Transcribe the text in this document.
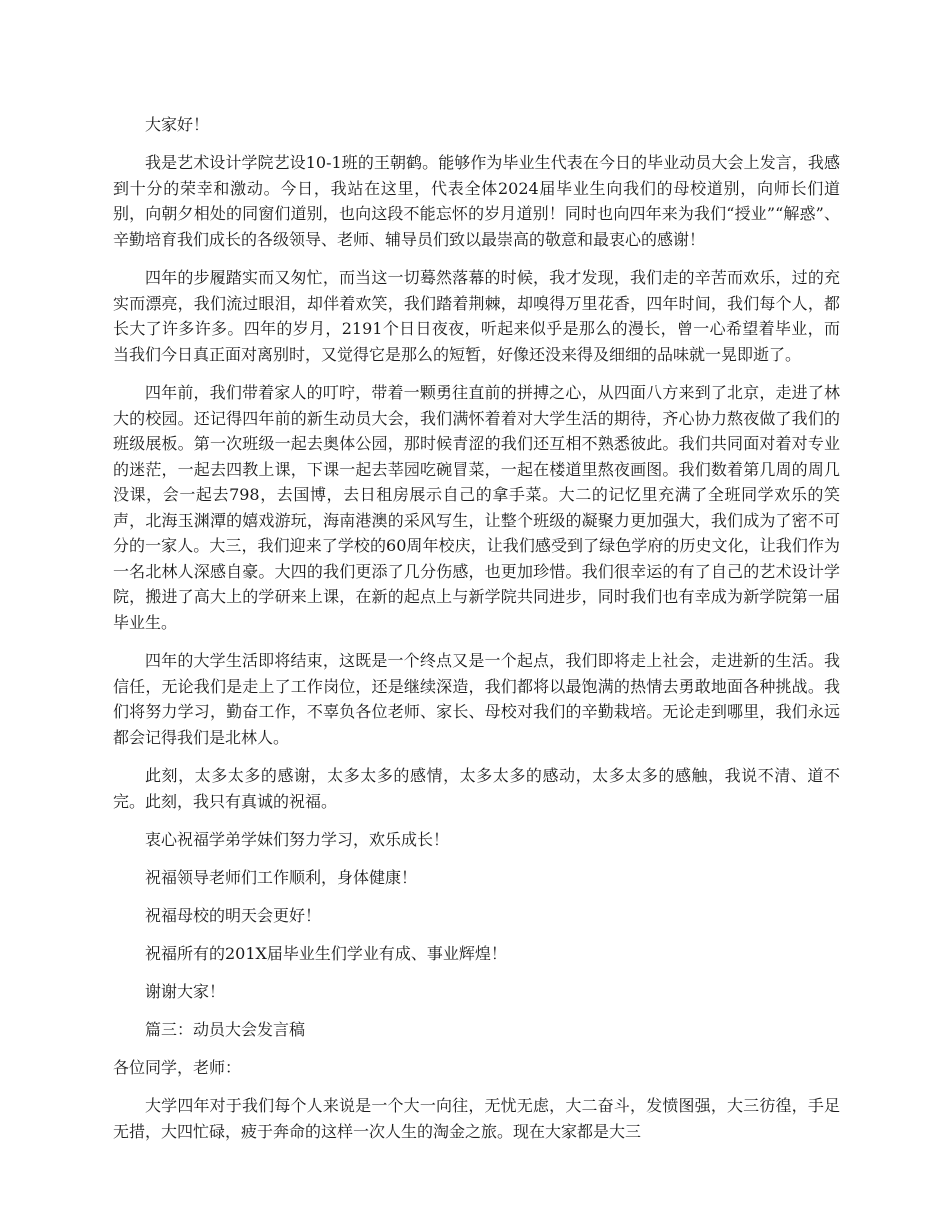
大家好！

我是艺术设计学院艺设10-1班的王朝鹤。能够作为毕业生代表在今日的毕业动员大会上发言，我感到十分的荣幸和激动。今日，我站在这里，代表全体2024届毕业生向我们的母校道别，向师长们道别，向朝夕相处的同窗们道别，也向这段不能忘怀的岁月道别！同时也向四年来为我们“授业”“解惑”、辛勤培育我们成长的各级领导、老师、辅导员们致以最崇高的敬意和最衷心的感谢！

四年的步履踏实而又匆忙，而当这一切蓦然落幕的时候，我才发现，我们走的辛苦而欢乐，过的充实而漂亮，我们流过眼泪，却伴着欢笑，我们踏着荆棘，却嗅得万里花香，四年时间，我们每个人，都长大了许多许多。四年的岁月，2191个日日夜夜，听起来似乎是那么的漫长，曾一心希望着毕业，而当我们今日真正面对离别时，又觉得它是那么的短暂，好像还没来得及细细的品味就一晃即逝了。

四年前，我们带着家人的叮咛，带着一颗勇往直前的拼搏之心，从四面八方来到了北京，走进了林大的校园。还记得四年前的新生动员大会，我们满怀着着对大学生活的期待，齐心协力熬夜做了我们的班级展板。第一次班级一起去奥体公园，那时候青涩的我们还互相不熟悉彼此。我们共同面对着对专业的迷茫，一起去四教上课，下课一起去莘园吃碗冒菜，一起在楼道里熬夜画图。我们数着第几周的周几没课，会一起去798，去国博，去日租房展示自己的拿手菜。大二的记忆里充满了全班同学欢乐的笑声，北海玉渊潭的嬉戏游玩，海南港澳的采风写生，让整个班级的凝聚力更加强大，我们成为了密不可分的一家人。大三，我们迎来了学校的60周年校庆，让我们感受到了绿色学府的历史文化，让我们作为一名北林人深感自豪。大四的我们更添了几分伤感，也更加珍惜。我们很幸运的有了自己的艺术设计学院，搬进了高大上的学研来上课，在新的起点上与新学院共同进步，同时我们也有幸成为新学院第一届毕业生。

四年的大学生活即将结束，这既是一个终点又是一个起点，我们即将走上社会，走进新的生活。我信任，无论我们是走上了工作岗位，还是继续深造，我们都将以最饱满的热情去勇敢地面各种挑战。我们将努力学习，勤奋工作，不辜负各位老师、家长、母校对我们的辛勤栽培。无论走到哪里，我们永远都会记得我们是北林人。

此刻，太多太多的感谢，太多太多的感情，太多太多的感动，太多太多的感触，我说不清、道不完。此刻，我只有真诚的祝福。

衷心祝福学弟学妹们努力学习，欢乐成长！

祝福领导老师们工作顺利，身体健康！

祝福母校的明天会更好！

祝福所有的201X届毕业生们学业有成、事业辉煌！

谢谢大家！

篇三：动员大会发言稿

各位同学，老师：

大学四年对于我们每个人来说是一个大一向往，无忧无虑，大二奋斗，发愤图强，大三彷徨，手足无措，大四忙碌，疲于奔命的这样一次人生的淘金之旅。现在大家都是大三
